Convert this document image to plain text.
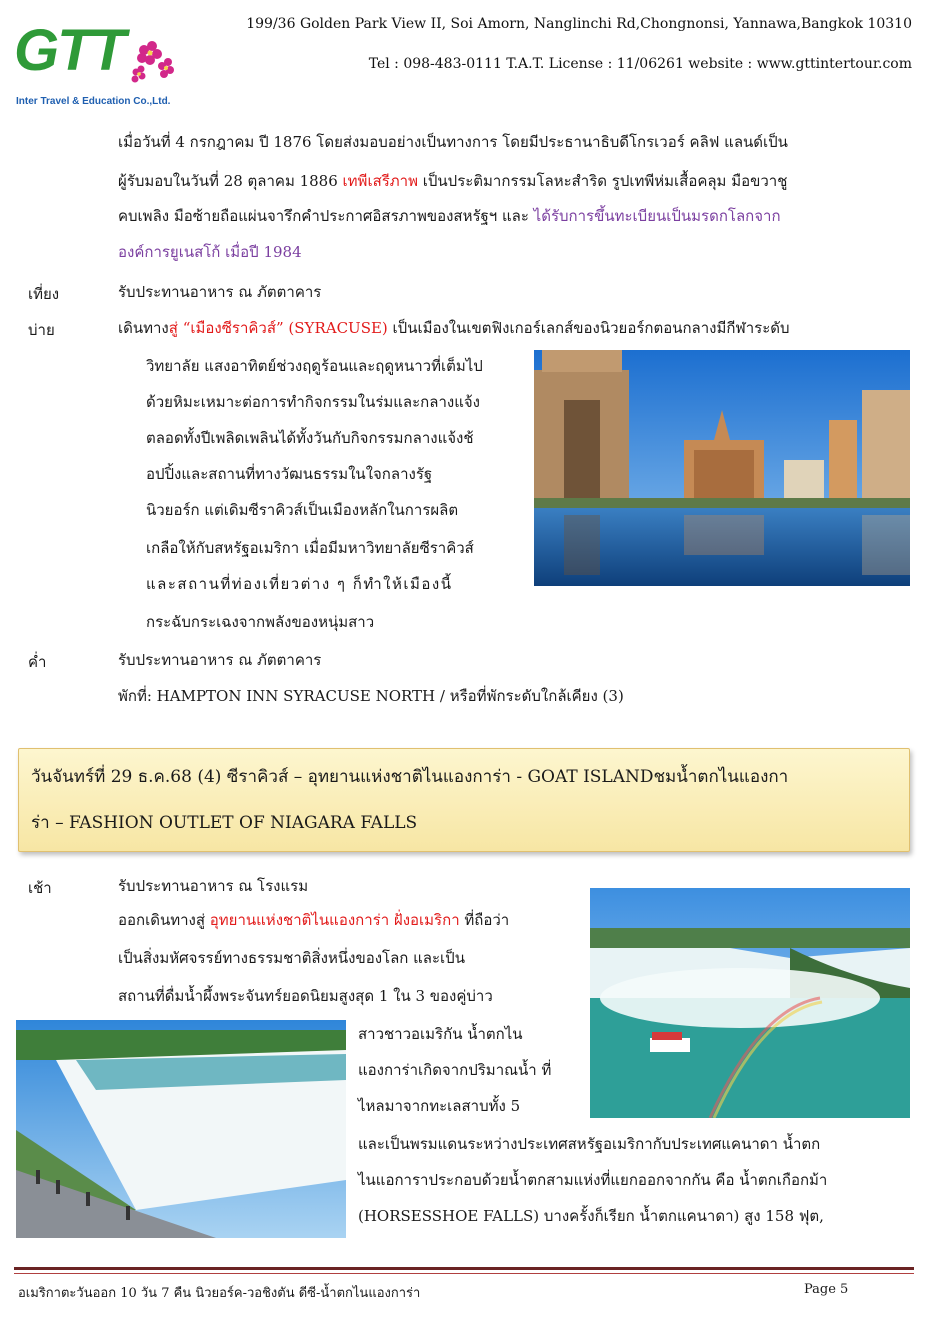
GTT
Inter Travel & Education Co.,Ltd.
199/36 Golden Park View II, Soi Amorn, Nanglinchi Rd,Chongnonsi, Yannawa,Bangkok 10310
Tel : 098-483-0111 T.A.T. License : 11/06261 website : www.gttintertour.com
เมื่อวันที่ 4 กรกฎาคม ปี 1876 โดยส่งมอบอย่างเป็นทางการ โดยมีประธานาธิบดีโกรเวอร์ คลิฟ แลนด์เป็น
ผู้รับมอบในวันที่ 28 ตุลาคม 1886 เทพีเสรีภาพ เป็นประติมากรรมโลหะสำริด รูปเทพีห่มเสื้อคลุม มือขวาชู
คบเพลิง มือซ้ายถือแผ่นจารึกคำประกาศอิสรภาพของสหรัฐฯ และ ได้รับการขึ้นทะเบียนเป็นมรดกโลกจาก
องค์การยูเนสโก้ เมื่อปี 1984
เที่ยง	รับประทานอาหาร ณ ภัตตาคาร
บ่าย	เดินทางสู่ “เมืองซีราคิวส์” (SYRACUSE) เป็นเมืองในเขตฟิงเกอร์เลกส์ของนิวยอร์กตอนกลางมีกีฬาระดับ
วิทยาลัย แสงอาทิตย์ช่วงฤดูร้อนและฤดูหนาวที่เต็มไป
ด้วยหิมะเหมาะต่อการทำกิจกรรมในร่มและกลางแจ้ง
ตลอดทั้งปีเพลิดเพลินได้ทั้งวันกับกิจกรรมกลางแจ้งช้
อปปิ้งและสถานที่ทางวัฒนธรรมในใจกลางรัฐ
นิวยอร์ก แต่เดิมซีราคิวส์เป็นเมืองหลักในการผลิต
เกลือให้กับสหรัฐอเมริกา เมื่อมีมหาวิทยาลัยซีราคิวส์
และสถานที่ท่องเที่ยวต่าง ๆ ก็ทำให้เมืองนี้
กระฉับกระเฉงจากพลังของหนุ่มสาว
ค่ำ	รับประทานอาหาร ณ ภัตตาคาร
พักที่: HAMPTON INN SYRACUSE NORTH / หรือที่พักระดับใกล้เคียง (3)
วันจันทร์ที่ 29 ธ.ค.68 (4) ซีราคิวส์ – อุทยานแห่งชาติไนแองการ่า - GOAT ISLANDชมน้ำตกไนแองกา
ร่า – FASHION OUTLET OF NIAGARA FALLS
เช้า	รับประทานอาหาร ณ โรงแรม
ออกเดินทางสู่ อุทยานแห่งชาติไนแองการ่า ฝั่งอเมริกา ที่ถือว่า
เป็นสิ่งมหัศจรรย์ทางธรรมชาติสิ่งหนึ่งของโลก และเป็น
สถานที่ดื่มน้ำผึ้งพระจันทร์ยอดนิยมสูงสุด 1 ใน 3 ของคู่บ่าว
สาวชาวอเมริกัน น้ำตกไน
แองการ่าเกิดจากปริมาณน้ำ ที่
ไหลมาจากทะเลสาบทั้ง 5
และเป็นพรมแดนระหว่างประเทศสหรัฐอเมริกากับประเทศแคนาดา น้ำตก
ไนแอการาประกอบด้วยน้ำตกสามแห่งที่แยกออกจากกัน คือ น้ำตกเกือกม้า
(HORSESSHOE FALLS) บางครั้งก็เรียก น้ำตกแคนาดา) สูง 158 ฟุต,
อเมริกาตะวันออก 10 วัน 7 คืน นิวยอร์ค-วอชิงตัน ดีซี-น้ำตกไนแองการ่า	Page 5
